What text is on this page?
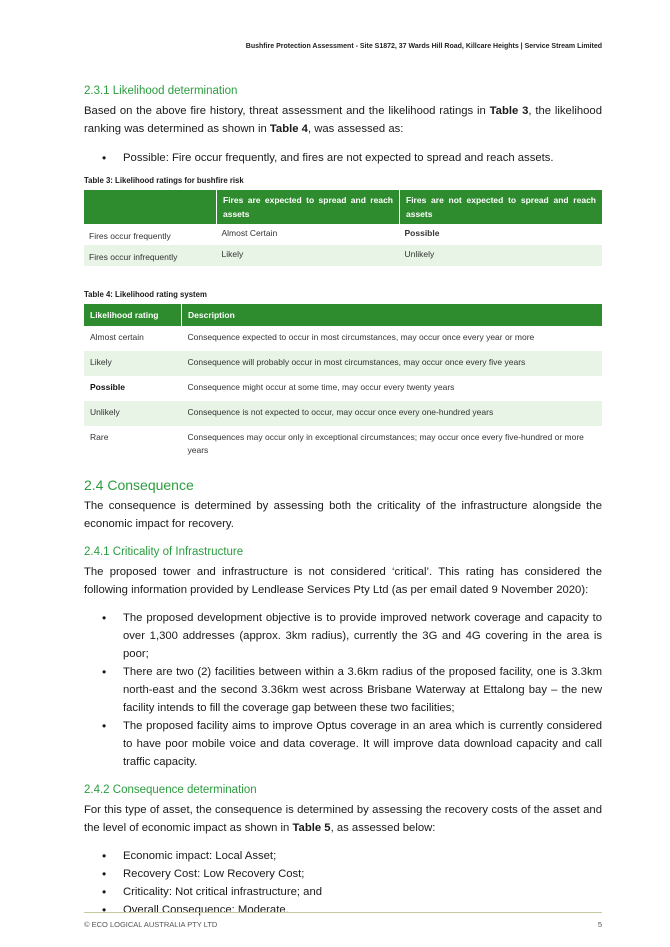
Bushfire Protection Assessment - Site S1872, 37 Wards Hill Road, Killcare Heights | Service Stream Limited
2.3.1 Likelihood determination

Based on the above fire history, threat assessment and the likelihood ratings in Table 3, the likelihood ranking was determined as shown in Table 4, was assessed as:

• Possible: Fire occur frequently, and fires are not expected to spread and reach assets.
Table 3: Likelihood ratings for bushfire risk
	Fires are expected to spread and reach assets	Fires are not expected to spread and reach assets
Fires occur frequently	Almost Certain	Possible
Fires occur infrequently	Likely	Unlikely
Table 4: Likelihood rating system
Likelihood rating	Description
Almost certain	Consequence expected to occur in most circumstances, may occur once every year or more
Likely	Consequence will probably occur in most circumstances, may occur once every five years
Possible	Consequence might occur at some time, may occur every twenty years
Unlikely	Consequence is not expected to occur, may occur once every one-hundred years
Rare	Consequences may occur only in exceptional circumstances; may occur once every five-hundred or more years
2.4 Consequence

The consequence is determined by assessing both the criticality of the infrastructure alongside the economic impact for recovery.

2.4.1 Criticality of Infrastructure

The proposed tower and infrastructure is not considered ‘critical’. This rating has considered the following information provided by Lendlease Services Pty Ltd (as per email dated 9 November 2020):

• The proposed development objective is to provide improved network coverage and capacity to over 1,300 addresses (approx. 3km radius), currently the 3G and 4G covering in the area is poor;
• There are two (2) facilities between within a 3.6km radius of the proposed facility, one is 3.3km north-east and the second 3.36km west across Brisbane Waterway at Ettalong bay – the new facility intends to fill the coverage gap between these two facilities;
• The proposed facility aims to improve Optus coverage in an area which is currently considered to have poor mobile voice and data coverage. It will improve data download capacity and call traffic capacity.
2.4.2 Consequence determination

For this type of asset, the consequence is determined by assessing the recovery costs of the asset and the level of economic impact as shown in Table 5, as assessed below:

• Economic impact: Local Asset;
• Recovery Cost: Low Recovery Cost;
• Criticality: Not critical infrastructure; and
• Overall Consequence: Moderate.
© ECO LOGICAL AUSTRALIA PTY LTD	5
